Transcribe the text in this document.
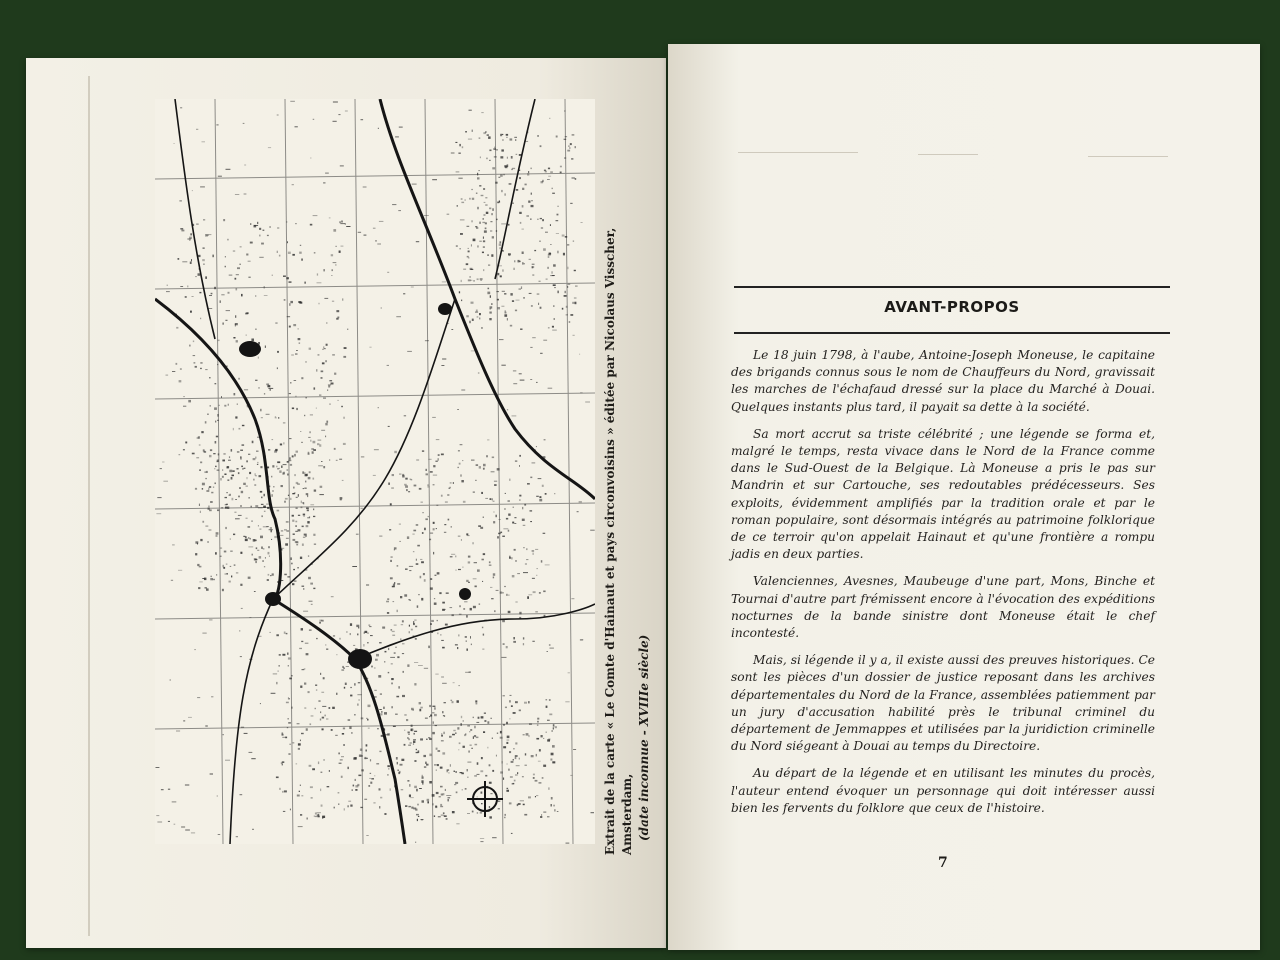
Extrait de la carte « Le Comte d'Hainaut et pays circonvoisins » éditée par Nicolaus Visscher, Amsterdam, (date inconnue - XVIIIe siècle)
AVANT-PROPOS

Le 18 juin 1798, à l'aube, Antoine-Joseph Moneuse, le capitaine des brigands connus sous le nom de Chauffeurs du Nord, gravissait les marches de l'échafaud dressé sur la place du Marché à Douai. Quelques instants plus tard, il payait sa dette à la société.

Sa mort accrut sa triste célébrité ; une légende se forma et, malgré le temps, resta vivace dans le Nord de la France comme dans le Sud-Ouest de la Belgique. Là Moneuse a pris le pas sur Mandrin et sur Cartouche, ses redoutables prédécesseurs. Ses exploits, évidemment amplifiés par la tradition orale et par le roman populaire, sont désormais intégrés au patrimoine folklorique de ce terroir qu'on appelait Hainaut et qu'une frontière a rompu jadis en deux parties.

Valenciennes, Avesnes, Maubeuge d'une part, Mons, Binche et Tournai d'autre part frémissent encore à l'évocation des expéditions nocturnes de la bande sinistre dont Moneuse était le chef incontesté.

Mais, si légende il y a, il existe aussi des preuves historiques. Ce sont les pièces d'un dossier de justice reposant dans les archives départementales du Nord de la France, assemblées patiemment par un jury d'accusation habilité près le tribunal criminel du département de Jemmappes et utilisées par la juridiction criminelle du Nord siégeant à Douai au temps du Directoire.

Au départ de la légende et en utilisant les minutes du procès, l'auteur entend évoquer un personnage qui doit intéresser aussi bien les fervents du folklore que ceux de l'histoire.

7
